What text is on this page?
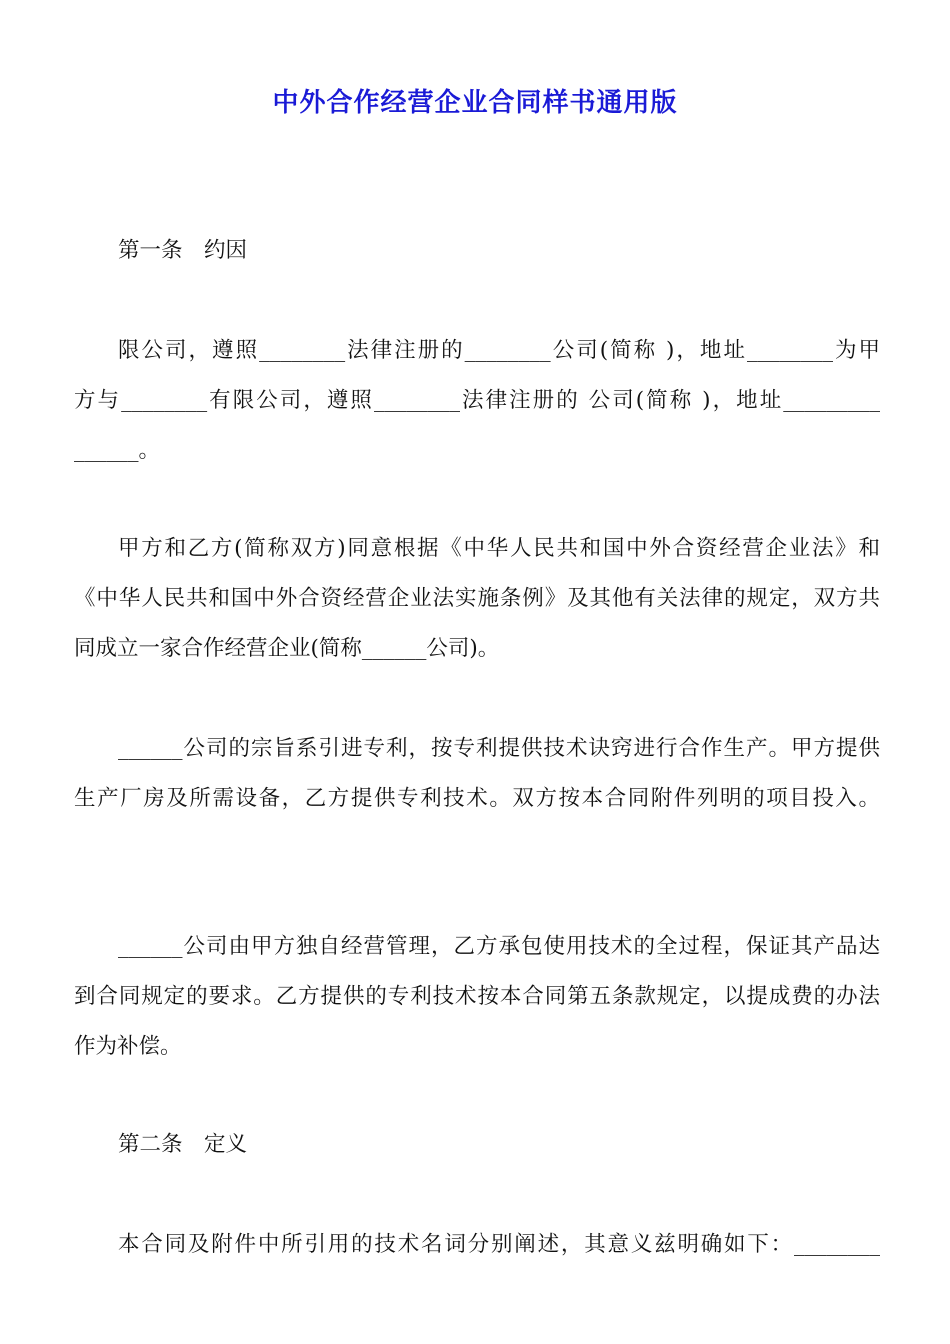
中外合作经营企业合同样书通用版
第一条　约因
限公司，遵照________法律注册的________公司(简称 )，地址________为甲
方与________有限公司，遵照________法律注册的 公司(简称 )，地址_________
______。
甲方和乙方(简称双方)同意根据《中华人民共和国中外合资经营企业法》和
《中华人民共和国中外合资经营企业法实施条例》及其他有关法律的规定，双方共
同成立一家合作经营企业(简称______公司)。
______公司的宗旨系引进专利，按专利提供技术诀窍进行合作生产。甲方提供
生产厂房及所需设备，乙方提供专利技术。双方按本合同附件列明的项目投入。
______公司由甲方独自经营管理，乙方承包使用技术的全过程，保证其产品达
到合同规定的要求。乙方提供的专利技术按本合同第五条款规定，以提成费的办法
作为补偿。
第二条　定义
本合同及附件中所引用的技术名词分别阐述，其意义兹明确如下：________
